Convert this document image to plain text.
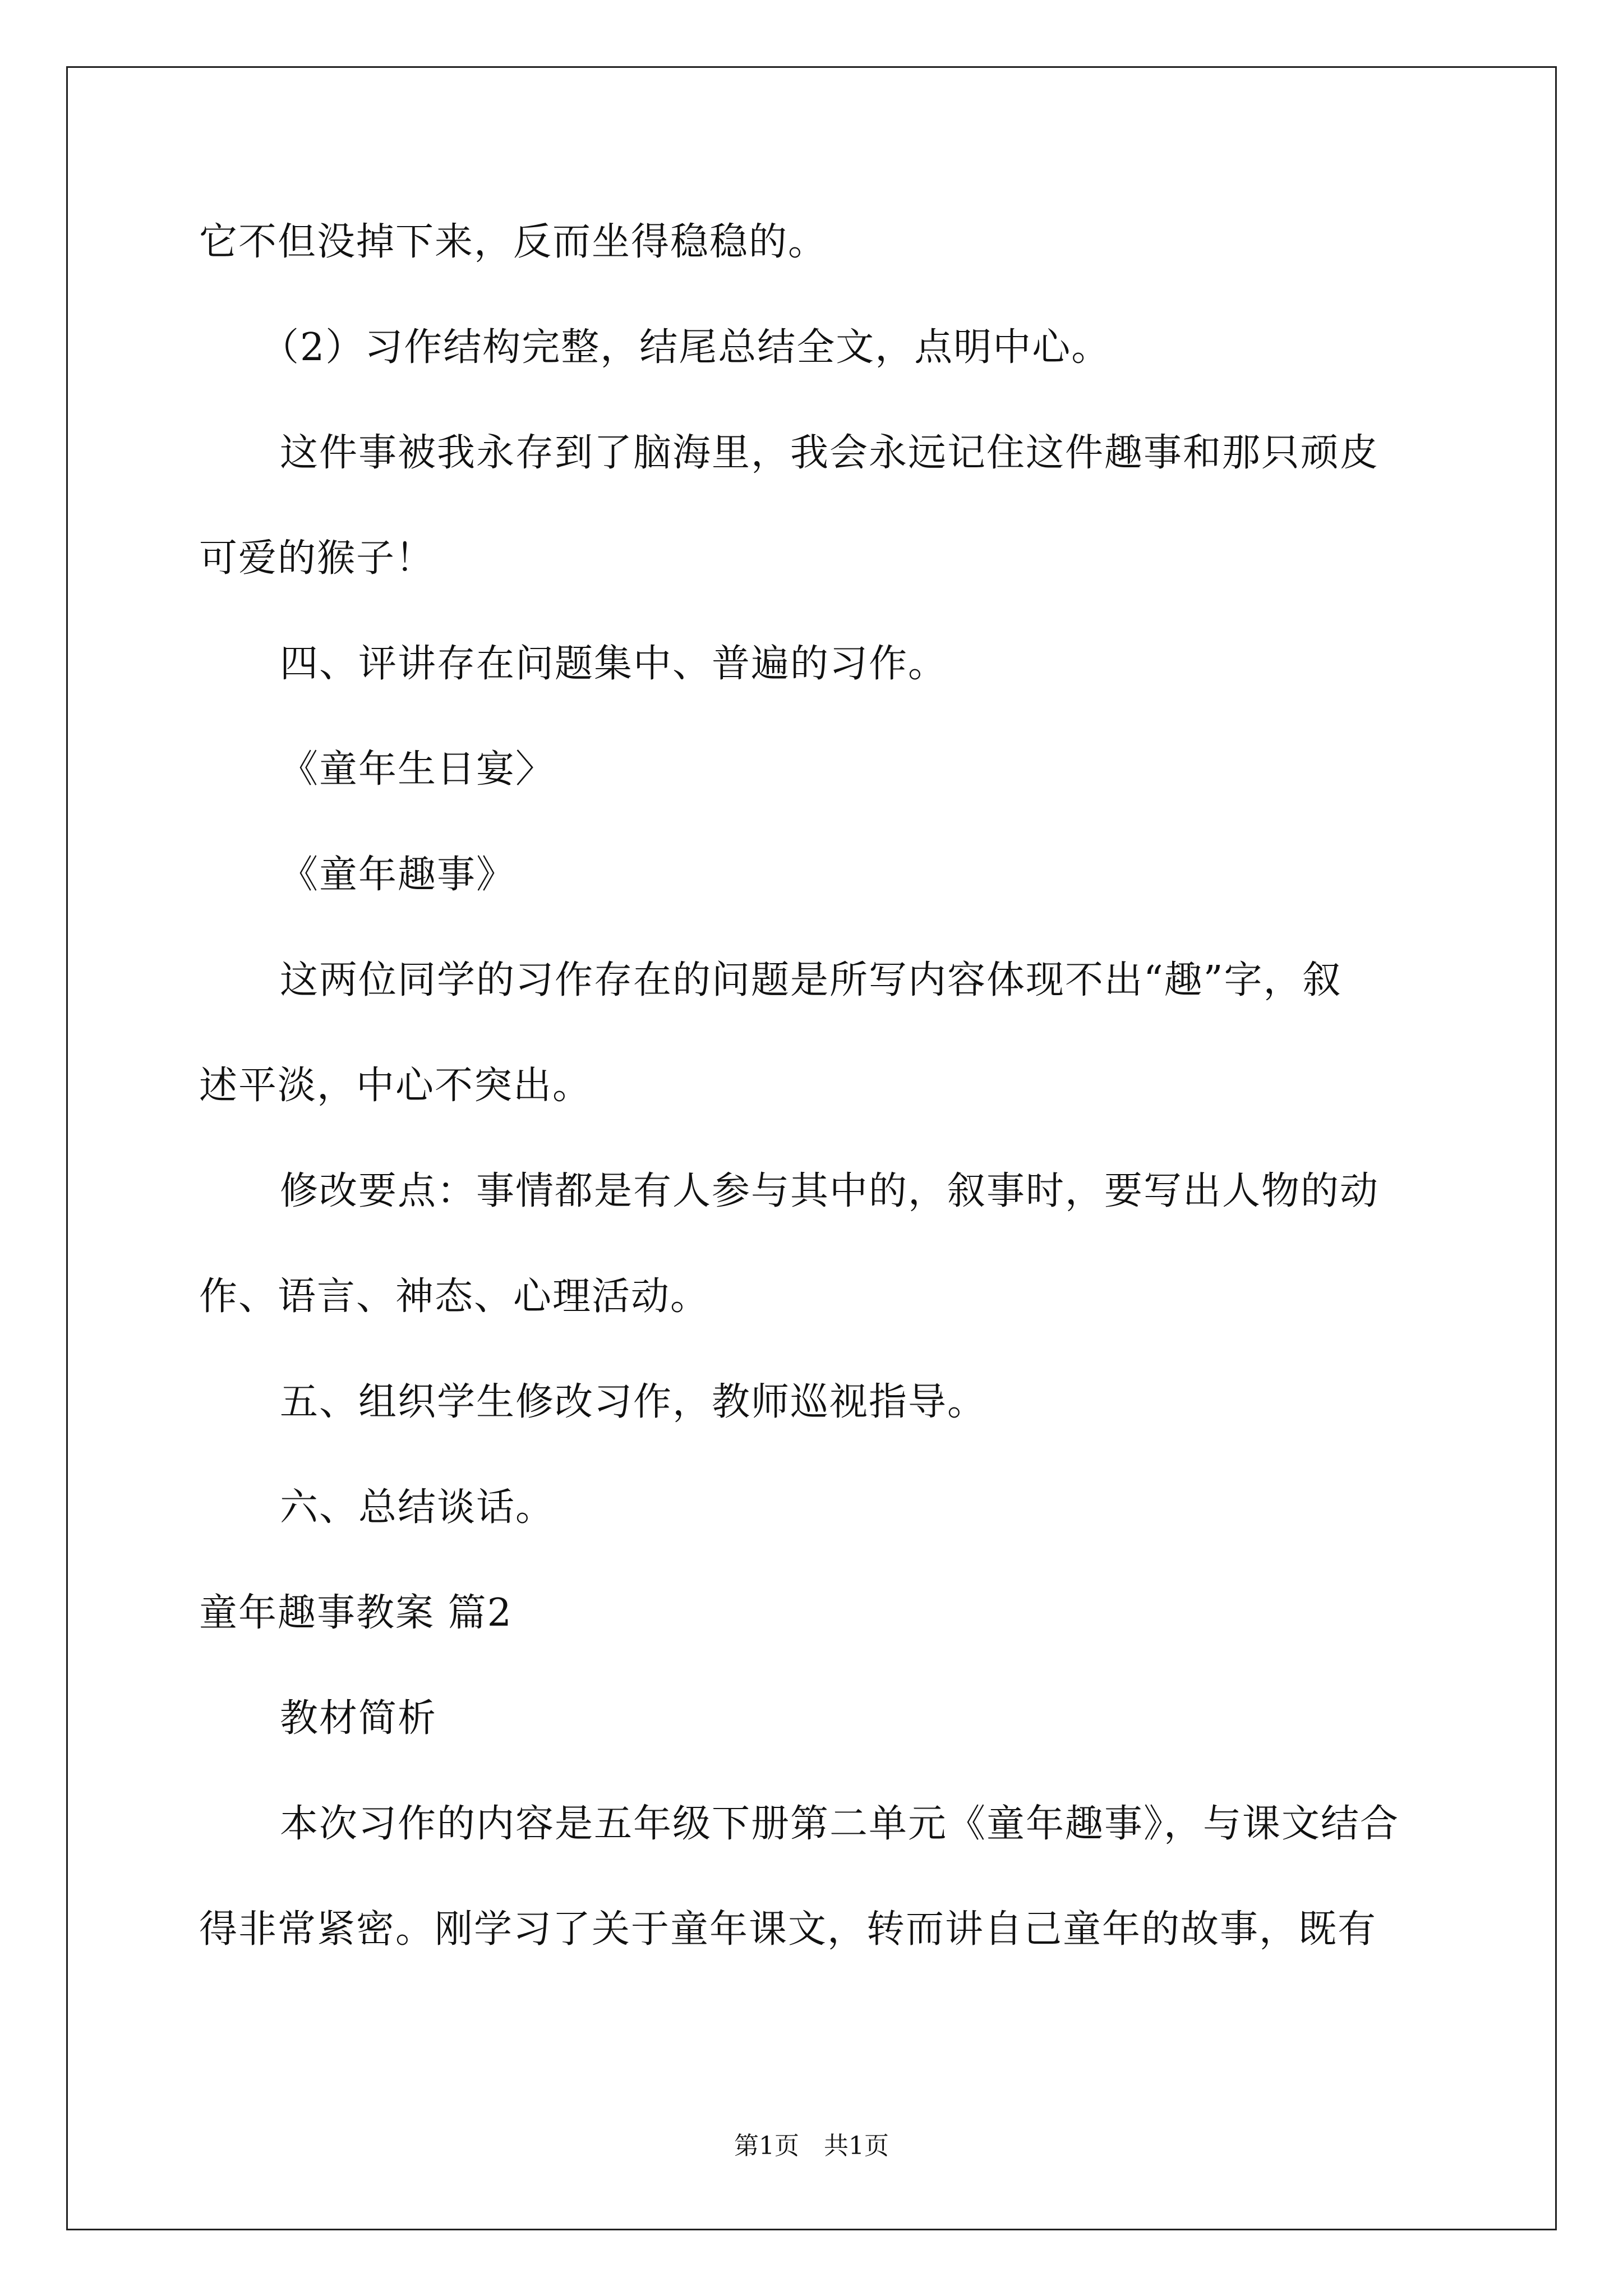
它不但没掉下来，反而坐得稳稳的。
（2）习作结构完整，结尾总结全文，点明中心。
这件事被我永存到了脑海里，我会永远记住这件趣事和那只顽皮
可爱的猴子！
四、评讲存在问题集中、普遍的习作。
《童年生日宴〉
《童年趣事》
这两位同学的习作存在的问题是所写内容体现不出“趣”字，叙
述平淡，中心不突出。
修改要点：事情都是有人参与其中的，叙事时，要写出人物的动
作、语言、神态、心理活动。
五、组织学生修改习作，教师巡视指导。
六、总结谈话。
童年趣事教案 篇2
教材简析
本次习作的内容是五年级下册第二单元《童年趣事》，与课文结合
得非常紧密。刚学习了关于童年课文，转而讲自己童年的故事，既有
第1页　共1页
